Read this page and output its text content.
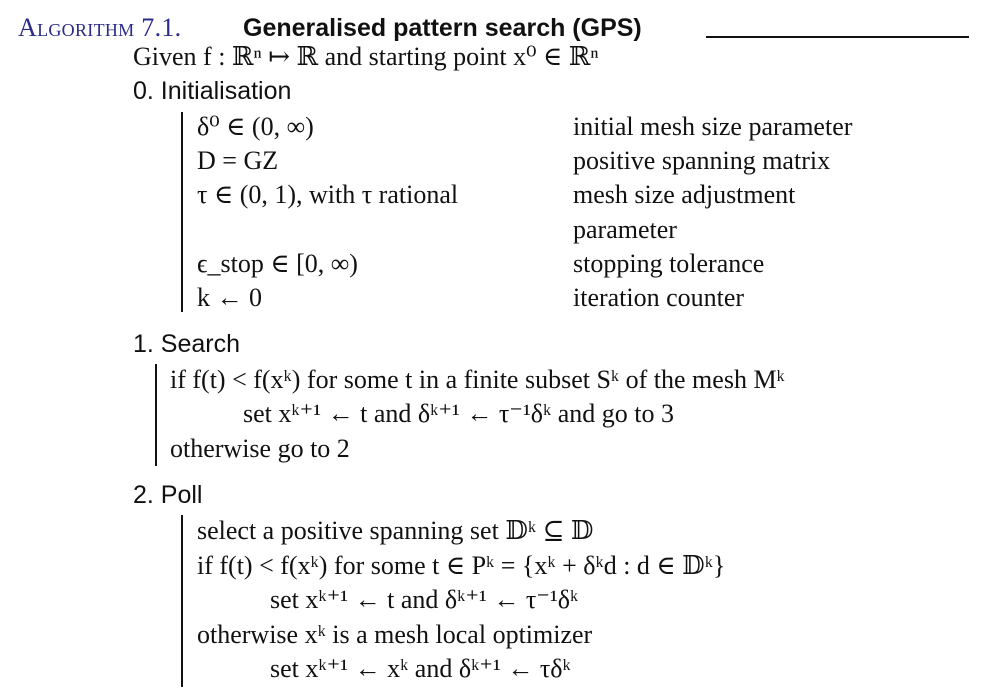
Algorithm 7.1. Generalised pattern search (GPS)
Given f : ℝⁿ ↦ ℝ and starting point x⁰ ∈ ℝⁿ
0. Initialisation
δ⁰ ∈ (0, ∞)	initial mesh size parameter
D = GZ	positive spanning matrix
τ ∈ (0, 1), with τ rational	mesh size adjustment
parameter
ϵ_stop ∈ [0, ∞)	stopping tolerance
k ← 0	iteration counter
1. Search
if f(t) < f(xᵏ) for some t in a finite subset Sᵏ of the mesh Mᵏ
set xᵏ⁺¹ ← t and δᵏ⁺¹ ← τ⁻¹δᵏ and go to 3
otherwise go to 2
2. Poll
select a positive spanning set 𝔻ᵏ ⊆ 𝔻
if f(t) < f(xᵏ) for some t ∈ Pᵏ = {xᵏ + δᵏd : d ∈ 𝔻ᵏ}
set xᵏ⁺¹ ← t and δᵏ⁺¹ ← τ⁻¹δᵏ
otherwise xᵏ is a mesh local optimizer
set xᵏ⁺¹ ← xᵏ and δᵏ⁺¹ ← τδᵏ
